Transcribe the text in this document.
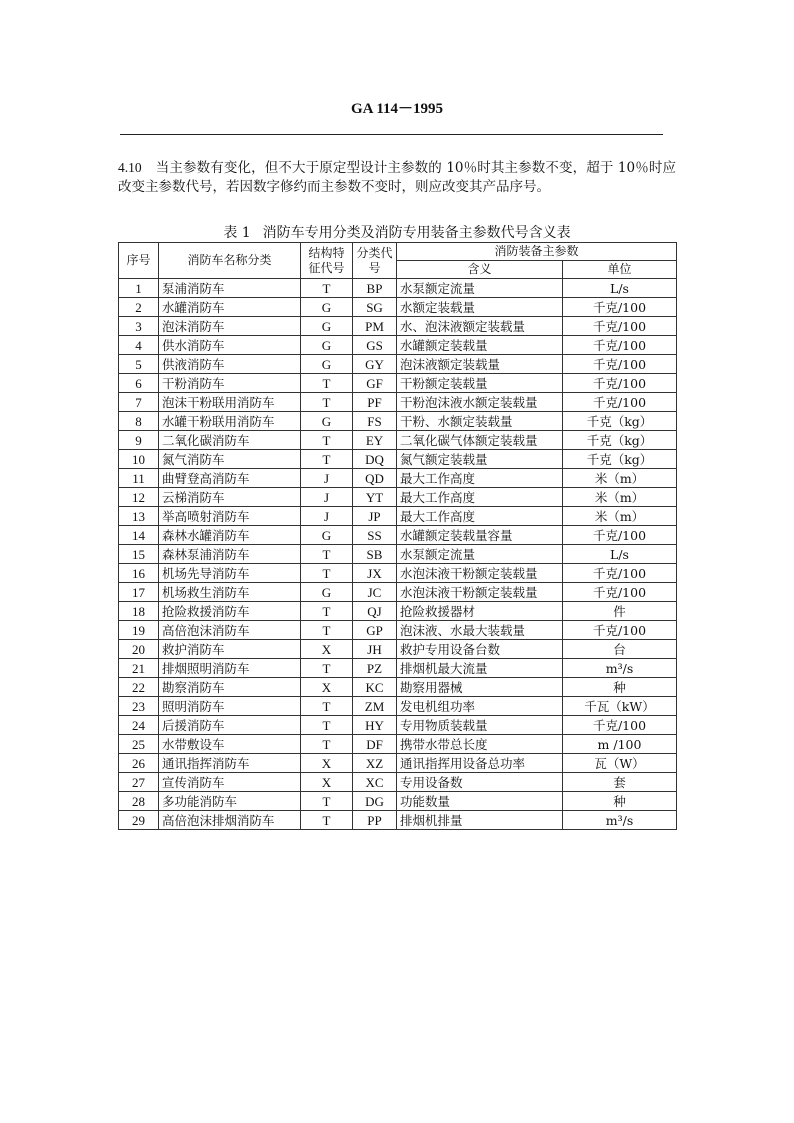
GA 114－1995
4.10 当主参数有变化，但不大于原定型设计主参数的 10％时其主参数不变，超于 10％时应改变主参数代号，若因数字修约而主参数不变时，则应改变其产品序号。
表 1 消防车专用分类及消防专用装备主参数代号含义表
序号	消防车名称分类	结构特征代号	分类代号	消防装备主参数	
				含义	单位
1	泵浦消防车	T	BP	水泵额定流量	L/s
2	水罐消防车	G	SG	水额定装载量	千克/100
3	泡沫消防车	G	PM	水、泡沫液额定装载量	千克/100
4	供水消防车	G	GS	水罐额定装载量	千克/100
5	供液消防车	G	GY	泡沫液额定装载量	千克/100
6	干粉消防车	T	GF	干粉额定装载量	千克/100
7	泡沫干粉联用消防车	T	PF	干粉泡沫液水额定装载量	千克/100
8	水罐干粉联用消防车	G	FS	干粉、水额定装载量	千克（kg）
9	二氧化碳消防车	T	EY	二氧化碳气体额定装载量	千克（kg）
10	氮气消防车	T	DQ	氮气额定装载量	千克（kg）
11	曲臂登高消防车	J	QD	最大工作高度	米（m）
12	云梯消防车	J	YT	最大工作高度	米（m）
13	举高喷射消防车	J	JP	最大工作高度	米（m）
14	森林水罐消防车	G	SS	水罐额定装载量容量	千克/100
15	森林泵浦消防车	T	SB	水泵额定流量	L/s
16	机场先导消防车	T	JX	水泡沫液干粉额定装载量	千克/100
17	机场救生消防车	G	JC	水泡沫液干粉额定装载量	千克/100
18	抢险救援消防车	T	QJ	抢险救援器材	件
19	高倍泡沫消防车	T	GP	泡沫液、水最大装载量	千克/100
20	救护消防车	X	JH	救护专用设备台数	台
21	排烟照明消防车	T	PZ	排烟机最大流量	m³/s
22	勘察消防车	X	KC	勘察用器械	种
23	照明消防车	T	ZM	发电机组功率	千瓦（kW）
24	后援消防车	T	HY	专用物质装载量	千克/100
25	水带敷设车	T	DF	携带水带总长度	m /100
26	通讯指挥消防车	X	XZ	通讯指挥用设备总功率	瓦（W）
27	宣传消防车	X	XC	专用设备数	套
28	多功能消防车	T	DG	功能数量	种
29	高倍泡沫排烟消防车	T	PP	排烟机排量	m³/s
